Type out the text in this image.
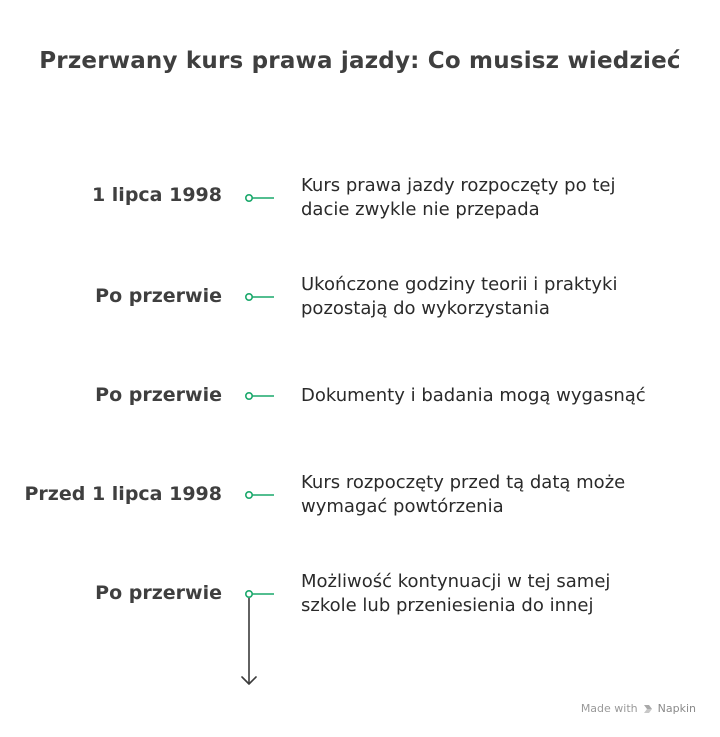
Przerwany kurs prawa jazdy: Co musisz wiedzieć
1 lipca 1998	Kurs prawa jazdy rozpoczęty po tej
dacie zwykle nie przepada
Po przerwie
Ukończone godziny teorii i praktyki
pozostają do wykorzystania
Po przerwie	Dokumenty i badania mogą wygasnąć
Przed 1 lipca 1998
Kurs rozpoczęty przed tą datą może
wymagać powtórzenia
Po przerwie
Możliwość kontynuacji w tej samej
szkole lub przeniesienia do innej
Made with Napkin
